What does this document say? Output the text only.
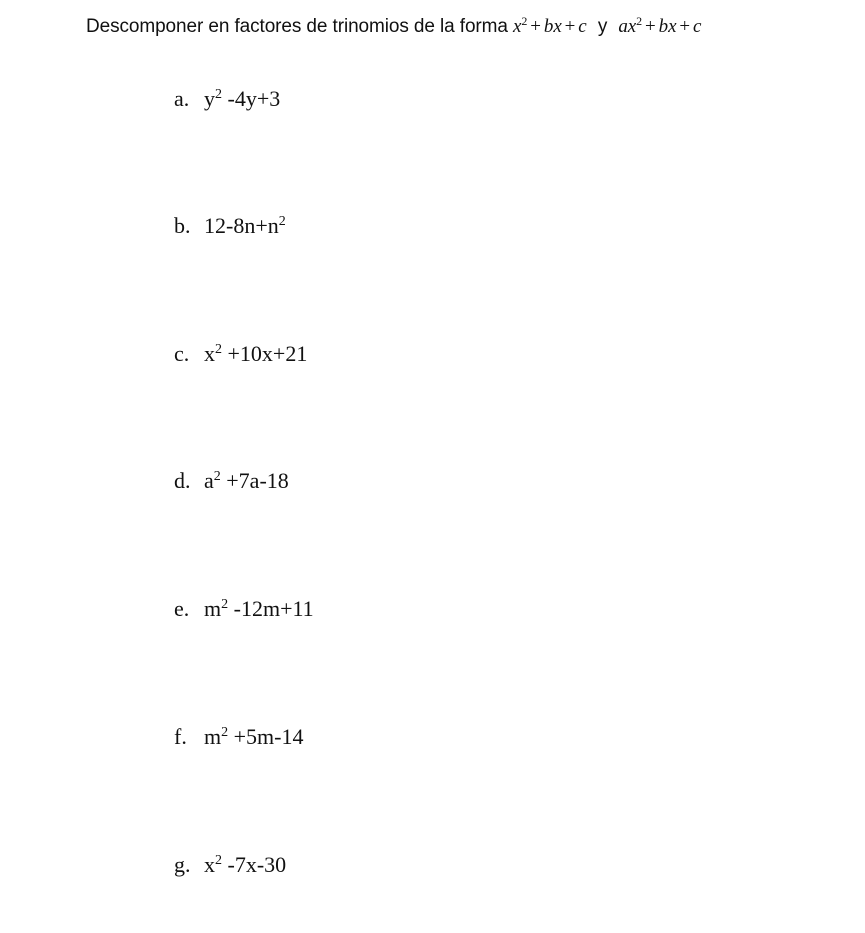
Descomponer en factores de trinomios de la forma $x^2$ + bx + c y $ax^2$ + bx + c
a. $y^2$ -4y+3
b. $12-8n+n^2$
c. $x^2 +10x+21$
d. $a^2 +7a-18$
e. $m^2$ -12m+11
f. $m^2 +5m-14$
g. $x^2$ -7x-30
